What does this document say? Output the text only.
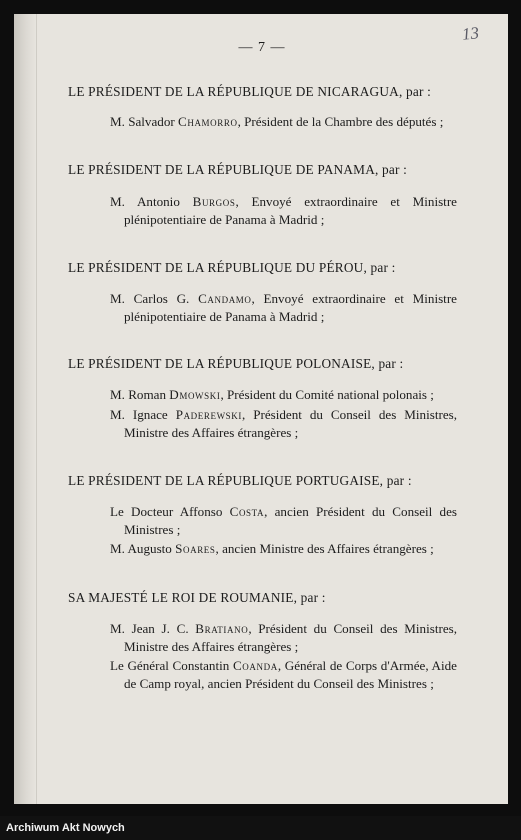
— 7 —
13
LE PRÉSIDENT DE LA RÉPUBLIQUE DE NICARAGUA, par :
M. Salvador Chamorro, Président de la Chambre des députés ;
LE PRÉSIDENT DE LA RÉPUBLIQUE DE PANAMA, par :
M. Antonio Burgos, Envoyé extraordinaire et Ministre plénipotentiaire de Panama à Madrid ;
LE PRÉSIDENT DE LA RÉPUBLIQUE DU PÉROU, par :
M. Carlos G. Candamo, Envoyé extraordinaire et Ministre plénipotentiaire de Panama à Madrid ;
LE PRÉSIDENT DE LA RÉPUBLIQUE POLONAISE, par :
M. Roman Dmowski, Président du Comité national polonais ;
M. Ignace Paderewski, Président du Conseil des Ministres, Ministre des Affaires étrangères ;
LE PRÉSIDENT DE LA RÉPUBLIQUE PORTUGAISE, par :
Le Docteur Affonso Costa, ancien Président du Conseil des Ministres ;
M. Augusto Soares, ancien Ministre des Affaires étrangères ;
SA MAJESTÉ LE ROI DE ROUMANIE, par :
M. Jean J. C. Bratiano, Président du Conseil des Ministres, Ministre des Affaires étrangères ;
Le Général Constantin Coanda, Général de Corps d'Armée, Aide de Camp royal, ancien Président du Conseil des Ministres ;
Archiwum Akt Nowych
